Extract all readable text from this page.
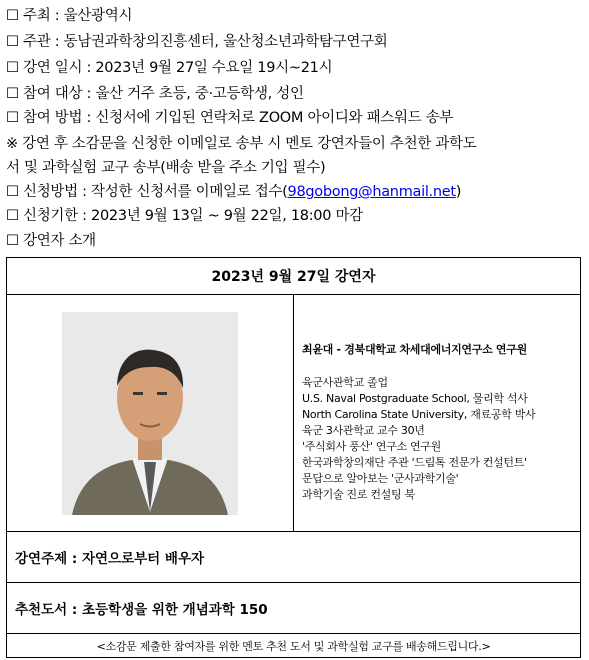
☐ 주최 : 울산광역시
☐ 주관 : 동남권과학창의진흥센터, 울산청소년과학탐구연구회
☐ 강연 일시 : 2023년 9월 27일 수요일 19시~21시
☐ 참여 대상 : 울산 거주 초등, 중·고등학생, 성인
☐ 참여 방법 : 신청서에 기입된 연락처로 ZOOM 아이디와 패스워드 송부
※ 강연 후 소감문을 신청한 이메일로 송부 시 멘토 강연자들이 추천한 과학도
서 및 과학실험 교구 송부(배송 받을 주소 기입 필수)
☐ 신청방법 : 작성한 신청서를 이메일로 접수(98gobong@hanmail.net)
☐ 신청기한 : 2023년 9월 13일 ~ 9월 22일, 18:00 마감
☐ 강연자 소개
2023년 9월 27일 강연자

최윤대 - 경북대학교 차세대에너지연구소 연구원
육군사관학교 졸업
U.S. Naval Postgraduate School, 물리학 석사
North Carolina State University, 재료공학 박사
육군 3사관학교 교수 30년
'주식회사 풍산' 연구소 연구원
한국과학창의재단 주관 '드림톡 전문가 컨설턴트'
문답으로 알아보는 '군사과학기술'
과학기술 진로 컨설팅 북

강연주제 : 자연으로부터 배우자
추천도서 : 초등학생을 위한 개념과학 150
<소감문 제출한 참여자를 위한 멘토 추천 도서 및 과학실험 교구를 배송해드립니다.>
